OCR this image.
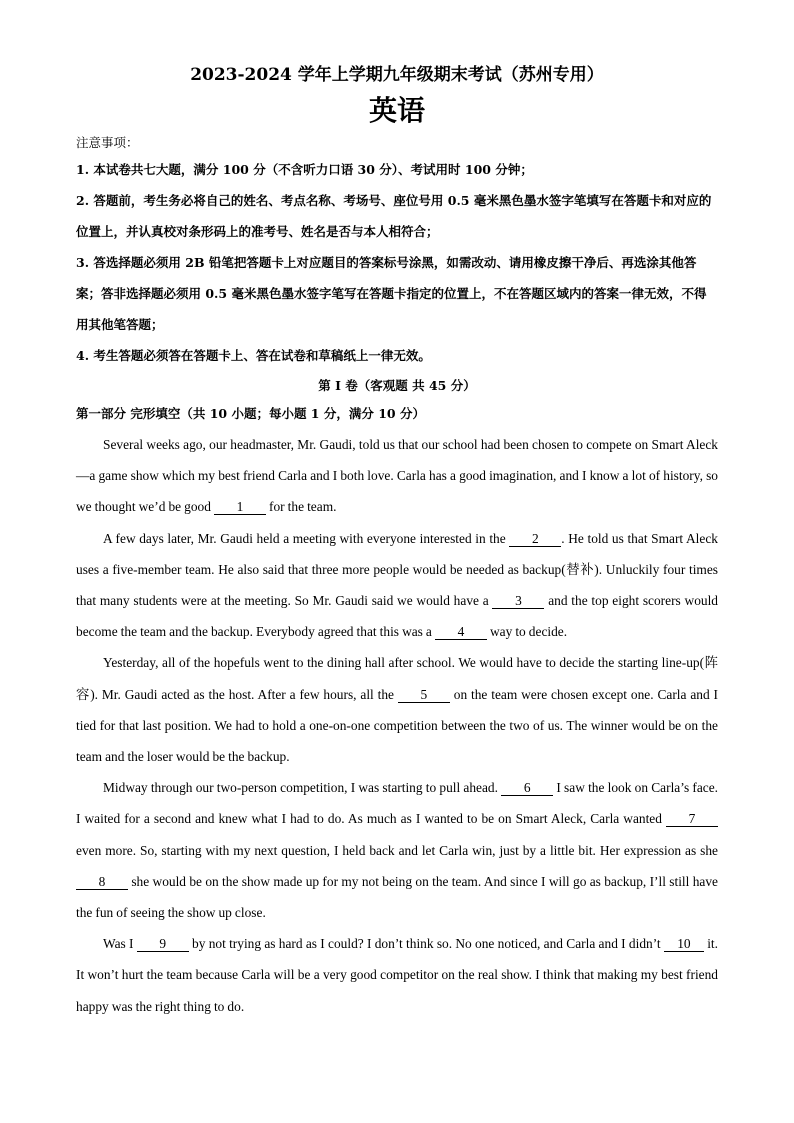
2023-2024 学年上学期九年级期末考试（苏州专用）

英语

注意事项：

1. 本试卷共七大题，满分 100 分（不含听力口语 30 分）、考试用时 100 分钟；

2. 答题前，考生务必将自己的姓名、考点名称、考场号、座位号用 0.5 毫米黑色墨水签字笔填写在答题卡和对应的位置上，并认真校对条形码上的准考号、姓名是否与本人相符合；

3. 答选择题必须用 2B 铅笔把答题卡上对应题目的答案标号涂黑，如需改动、请用橡皮擦干净后、再选涂其他答案；答非选择题必须用 0.5 毫米黑色墨水签字笔写在答题卡指定的位置上，不在答题区域内的答案一律无效，不得用其他笔答题；

4. 考生答题必须答在答题卡上、答在试卷和草稿纸上一律无效。

第 I 卷（客观题 共 45 分）

第一部分 完形填空（共 10 小题；每小题 1 分，满分 10 分）

Several weeks ago, our headmaster, Mr. Gaudi, told us that our school had been chosen to compete on Smart Aleck—a game show which my best friend Carla and I both love. Carla has a good imagination, and I know a lot of history, so we thought we’d be good 1 for the team.

A few days later, Mr. Gaudi held a meeting with everyone interested in the 2 . He told us that Smart Aleck uses a five-member team. He also said that three more people would be needed as backup(替补). Unluckily four times that many students were at the meeting. So Mr. Gaudi said we would have a 3 and the top eight scorers would become the team and the backup. Everybody agreed that this was a 4 way to decide.

Yesterday, all of the hopefuls went to the dining hall after school. We would have to decide the starting line-up(阵容). Mr. Gaudi acted as the host. After a few hours, all the 5 on the team were chosen except one. Carla and I tied for that last position. We had to hold a one-on-one competition between the two of us. The winner would be on the team and the loser would be the backup.

Midway through our two-person competition, I was starting to pull ahead. 6 I saw the look on Carla’s face. I waited for a second and knew what I had to do. As much as I wanted to be on Smart Aleck, Carla wanted 7 even more. So, starting with my next question, I held back and let Carla win, just by a little bit. Her expression as she 8 she would be on the show made up for my not being on the team. And since I will go as backup, I’ll still have the fun of seeing the show up close.

Was I 9 by not trying as hard as I could? I don’t think so. No one noticed, and Carla and I didn’t 10 it. It won’t hurt the team because Carla will be a very good competitor on the real show. I think that making my best friend happy was the right thing to do.
